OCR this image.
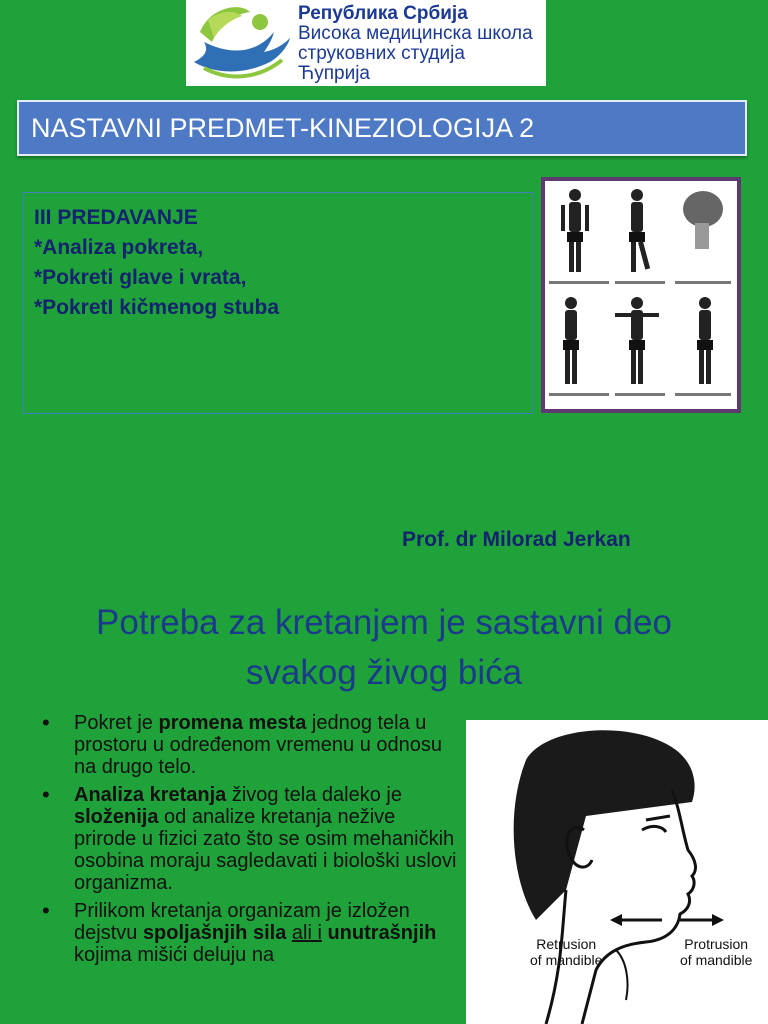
Република Србија
Висока медицинска школа
струковних студија
Ћуприја
NASTAVNI PREDMET-KINEZIOLOGIJA 2
III PREDAVANJE
*Analiza pokreta,
*Pokreti glave i vrata,
*PokretI kičmenog stuba
Prof. dr Milorad Jerkan
Potreba za kretanjem je sastavni deo
svakog živog bića
• Pokret je promena mesta jednog tela u prostoru u određenom vremenu u odnosu na drugo telo.
• Analiza kretanja živog tela daleko je složenija od analize kretanja nežive prirode u fizici zato što se osim mehaničkih osobina moraju sagledavati i biološki uslovi organizma.
• Prilikom kretanja organizam je izložen dejstvu spoljašnjih sila ali i unutrašnjih kojima mišići deluju na	Retrusion
of mandible
Protrusion
of mandible
